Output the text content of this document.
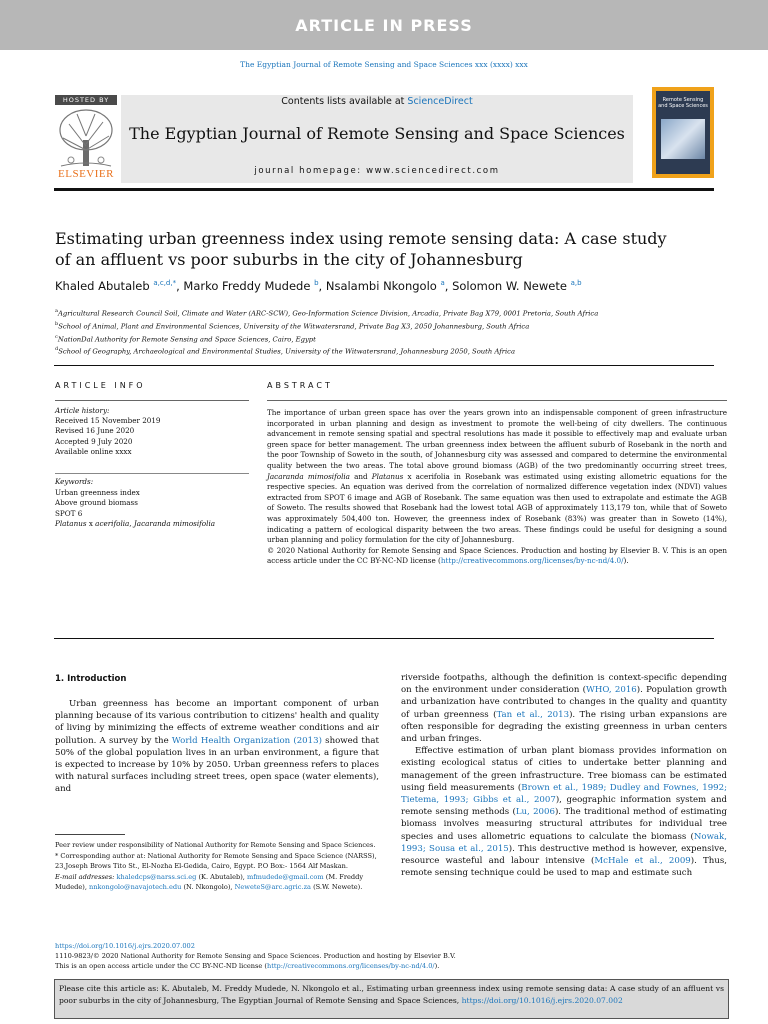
ARTICLE IN PRESS
The Egyptian Journal of Remote Sensing and Space Sciences xxx (xxxx) xxx
HOSTED BY
ELSEVIER
Contents lists available at ScienceDirect
The Egyptian Journal of Remote Sensing and Space Sciences
journal homepage: www.sciencedirect.com
Remote Sensing and Space Sciences
Estimating urban greenness index using remote sensing data: A case study of an affluent vs poor suburbs in the city of Johannesburg
Khaled Abutaleb $^{a,c,d,*}$, Marko Freddy Mudede $^b$, Nsalambi Nkongolo $^a$, Solomon W. Newete $^{a,b}$
$^a$Agricultural Research Council Soil, Climate and Water (ARC-SCW), Geo-Information Science Division, Arcadia, Private Bag X79, 0001 Pretoria, South Africa
$^b$School of Animal, Plant and Environmental Sciences, University of the Witwatersrand, Private Bag X3, 2050 Johannesburg, South Africa
$^c$NationDal Authority for Remote Sensing and Space Sciences, Cairo, Egypt
$^d$School of Geography, Archaeological and Environmental Studies, University of the Witwatersrand, Johannesburg 2050, South Africa
ARTICLE INFO	ABSTRACT
Article history:
Received 15 November 2019
Revised 16 June 2020
Accepted 9 July 2020
Available online xxxx
Keywords:
Urban greenness index
Above ground biomass
SPOT 6
Platanus x acerifolia, Jacaranda mimosifolia
The importance of urban green space has over the years grown into an indispensable component of green infrastructure incorporated in urban planning and design as investment to promote the well-being of city dwellers. The continuous advancement in remote sensing spatial and spectral resolutions has made it possible to effectively map and evaluate urban green space for better management. The urban greenness index between the affluent suburb of Rosebank in the north and the poor Township of Soweto in the south, of Johannesburg city was assessed and compared to determine the environmental quality between the two areas. The total above ground biomass (AGB) of the two predominantly occurring street trees, Jacaranda mimosifolia and Platanus x acerifolia in Rosebank was estimated using existing allometric equations for the respective species. An equation was derived from the correlation of normalized difference vegetation index (NDVI) values extracted from SPOT 6 image and AGB of Rosebank. The same equation was then used to extrapolate and estimate the AGB of Soweto. The results showed that Rosebank had the lowest total AGB of approximately 113,179 ton, while that of Soweto was approximately 504,400 ton. However, the greenness index of Rosebank (83%) was greater than in Soweto (14%), indicating a pattern of ecological disparity between the two areas. These findings could be useful for designing a sound urban planning and policy formulation for the city of Johannesburg.
© 2020 National Authority for Remote Sensing and Space Sciences. Production and hosting by Elsevier B. V. This is an open access article under the CC BY-NC-ND license (http://creativecommons.org/licenses/by-nc-nd/4.0/).
1. Introduction
Urban greenness has become an important component of urban planning because of its various contribution to citizens' health and quality of living by minimizing the effects of extreme weather conditions and air pollution. A survey by the World Health Organization (2013) showed that 50% of the global population lives in an urban environment, a figure that is expected to increase by 10% by 2050. Urban greenness refers to places with natural surfaces including street trees, open space (water elements), and

riverside footpaths, although the definition is context-specific depending on the environment under consideration (WHO, 2016). Population growth and urbanization have contributed to changes in the quality and quantity of urban greenness (Tan et al., 2013). The rising urban expansions are often responsible for degrading the existing greenness in urban centers and urban fringes.

Effective estimation of urban plant biomass provides information on existing ecological status of cities to undertake better planning and management of the green infrastructure. Tree biomass can be estimated using field measurements (Brown et al., 1989; Dudley and Fownes, 1992; Tietema, 1993; Gibbs et al., 2007), geographic information system and remote sensing methods (Lu, 2006). The traditional method of estimating biomass involves measuring structural attributes for individual tree species and uses allometric equations to calculate the biomass (Nowak, 1993; Sousa et al., 2015). This destructive method is however, expensive, resource wasteful and labour intensive (McHale et al., 2009). Thus, remote sensing technique could be used to map and estimate such

Peer review under responsibility of National Authority for Remote Sensing and Space Sciences.

* Corresponding author at: National Authority for Remote Sensing and Space Science (NARSS), 23,Joseph Brows Tito St., El-Nozha El-Gedida, Cairo, Egypt. P.O Box:- 1564 Alf Maskan.

E-mail addresses: khaledcps@narss.sci.eg (K. Abutaleb), mfmudede@gmail.com (M. Freddy Mudede), nnkongolo@navajotech.edu (N. Nkongolo), NeweteS@arc.agric.za (S.W. Newete).

https://doi.org/10.1016/j.ejrs.2020.07.002
1110-9823/© 2020 National Authority for Remote Sensing and Space Sciences. Production and hosting by Elsevier B.V.
This is an open access article under the CC BY-NC-ND license (http://creativecommons.org/licenses/by-nc-nd/4.0/).
Please cite this article as: K. Abutaleb, M. Freddy Mudede, N. Nkongolo et al., Estimating urban greenness index using remote sensing data: A case study of an affluent vs poor suburbs in the city of Johannesburg, The Egyptian Journal of Remote Sensing and Space Sciences, https://doi.org/10.1016/j.ejrs.2020.07.002
